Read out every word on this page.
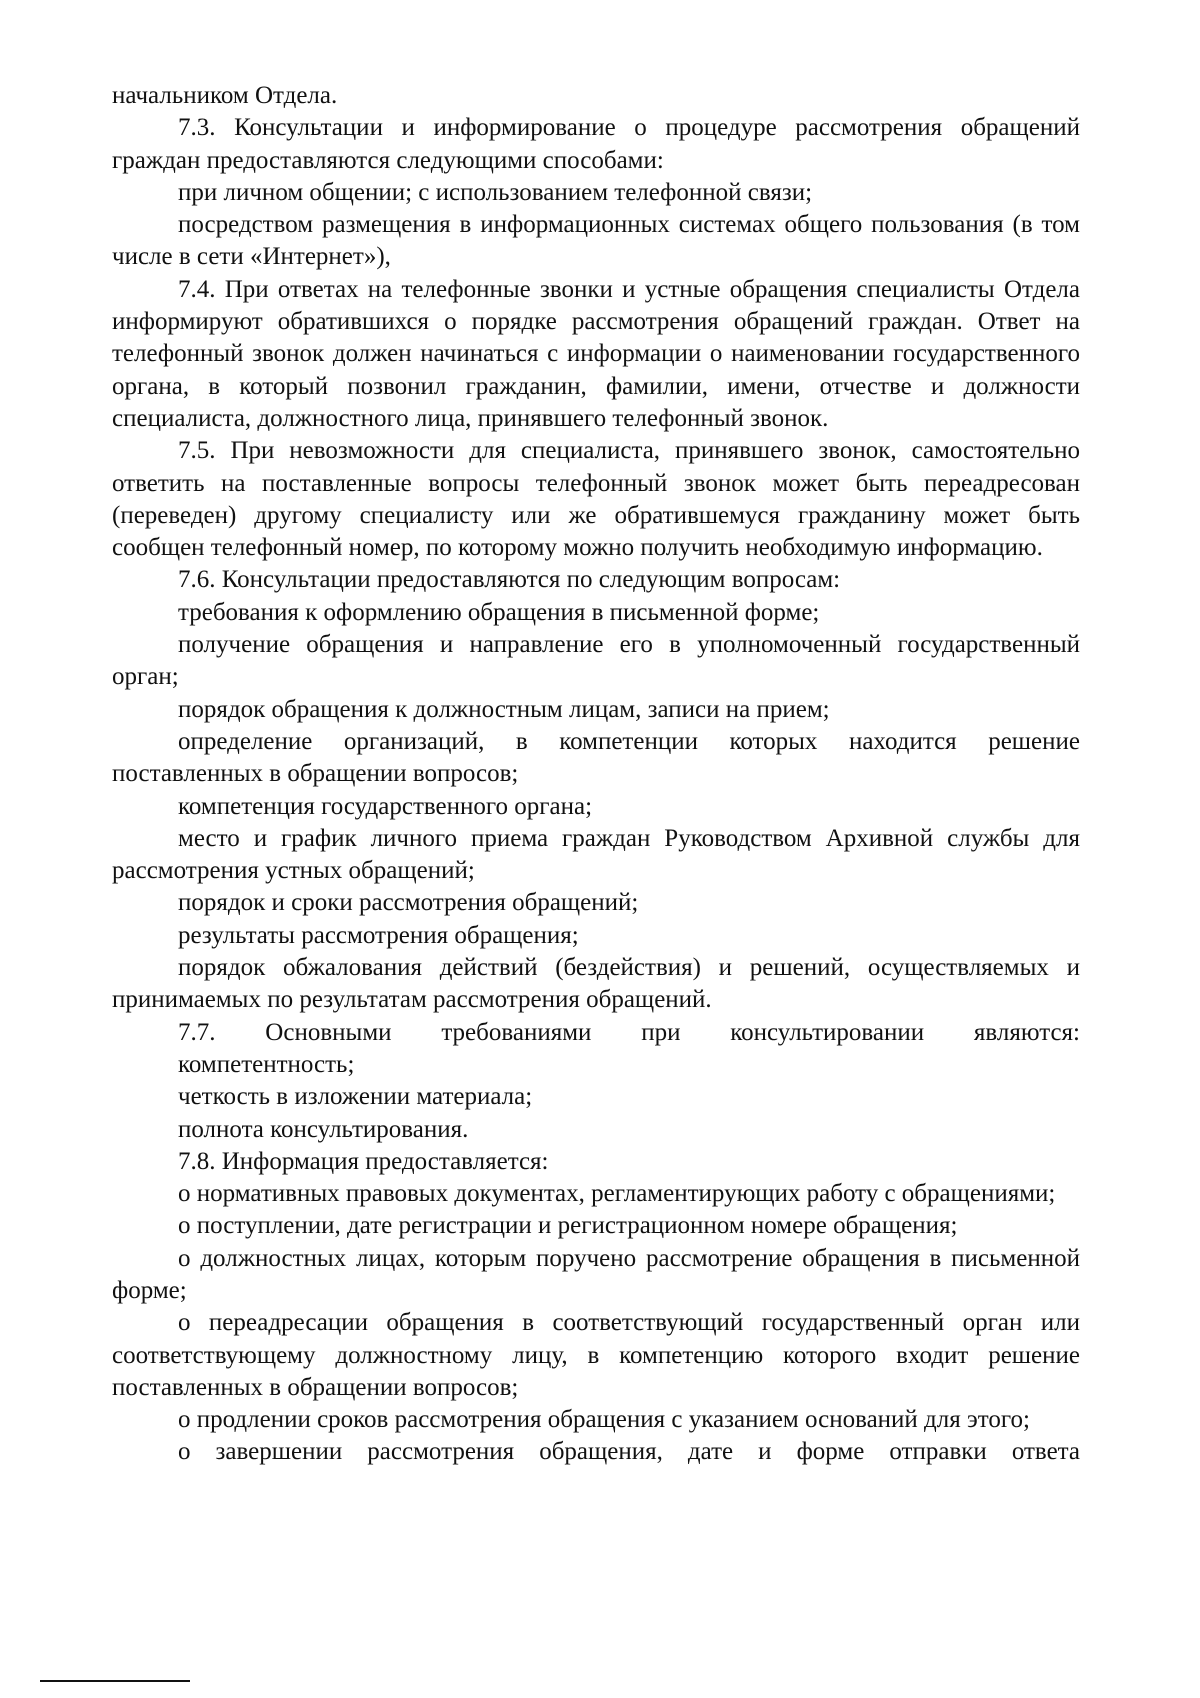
начальником Отдела.

7.3. Консультации и информирование о процедуре рассмотрения обращений граждан предоставляются следующими способами:

при личном общении; с использованием телефонной связи;

посредством размещения в информационных системах общего пользования (в том числе в сети «Интернет»),

7.4. При ответах на телефонные звонки и устные обращения специалисты Отдела информируют обратившихся о порядке рассмотрения обращений граждан. Ответ на телефонный звонок должен начинаться с информации о наименовании государственного органа, в который позвонил гражданин, фамилии, имени, отчестве и должности специалиста, должностного лица, принявшего телефонный звонок.

7.5. При невозможности для специалиста, принявшего звонок, самостоятельно ответить на поставленные вопросы телефонный звонок может быть переадресован (переведен) другому специалисту или же обратившемуся гражданину может быть сообщен телефонный номер, по которому можно получить необходимую информацию.

7.6. Консультации предоставляются по следующим вопросам:

требования к оформлению обращения в письменной форме;

получение обращения и направление его в уполномоченный государственный орган;

порядок обращения к должностным лицам, записи на прием;

определение организаций, в компетенции которых находится решение поставленных в обращении вопросов;

компетенция государственного органа;

место и график личного приема граждан Руководством Архивной службы для рассмотрения устных обращений;

порядок и сроки рассмотрения обращений;

результаты рассмотрения обращения;

порядок обжалования действий (бездействия) и решений, осуществляемых и принимаемых по результатам рассмотрения обращений.

7.7. Основными требованиями при консультировании являются:

компетентность;

четкость в изложении материала;

полнота консультирования.

7.8. Информация предоставляется:

о нормативных правовых документах, регламентирующих работу с обращениями;

о поступлении, дате регистрации и регистрационном номере обращения;

о должностных лицах, которым поручено рассмотрение обращения в письменной форме;

о переадресации обращения в соответствующий государственный орган или соответствующему должностному лицу, в компетенцию которого входит решение поставленных в обращении вопросов;

о продлении сроков рассмотрения обращения с указанием оснований для этого;

о завершении рассмотрения обращения, дате и форме отправки ответа
